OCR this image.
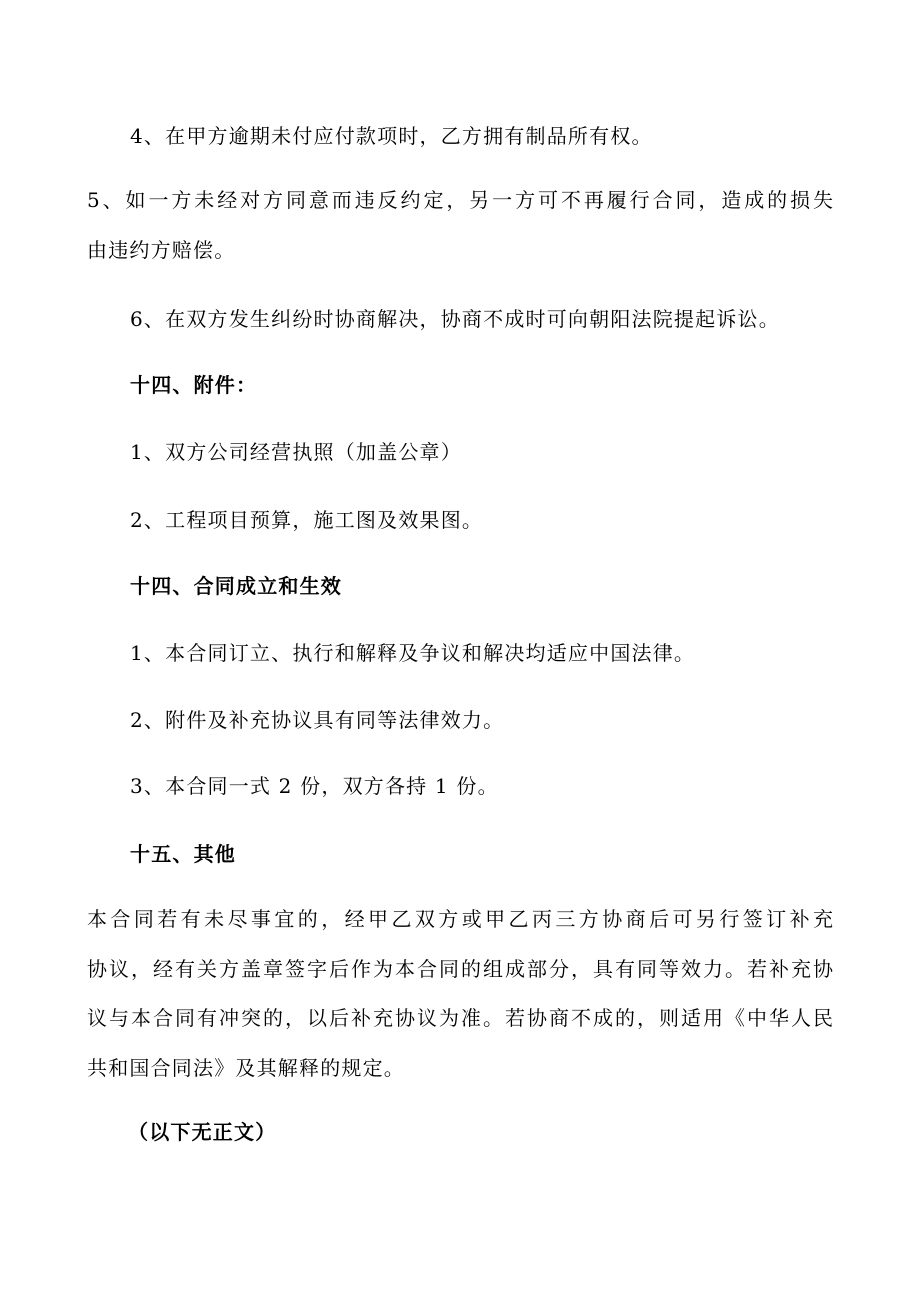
4、在甲方逾期未付应付款项时，乙方拥有制品所有权。
5、如一方未经对方同意而违反约定，另一方可不再履行合同，造成的损失
由违约方赔偿。
6、在双方发生纠纷时协商解决，协商不成时可向朝阳法院提起诉讼。
十四、附件：
1、双方公司经营执照（加盖公章）
2、工程项目预算，施工图及效果图。
十四、合同成立和生效
1、本合同订立、执行和解释及争议和解决均适应中国法律。
2、附件及补充协议具有同等法律效力。
3、本合同一式 2 份，双方各持 1 份。
十五、其他
本合同若有未尽事宜的，经甲乙双方或甲乙丙三方协商后可另行签订补充
协议，经有关方盖章签字后作为本合同的组成部分，具有同等效力。若补充协
议与本合同有冲突的，以后补充协议为准。若协商不成的，则适用《中华人民
共和国合同法》及其解释的规定。
（以下无正文）
